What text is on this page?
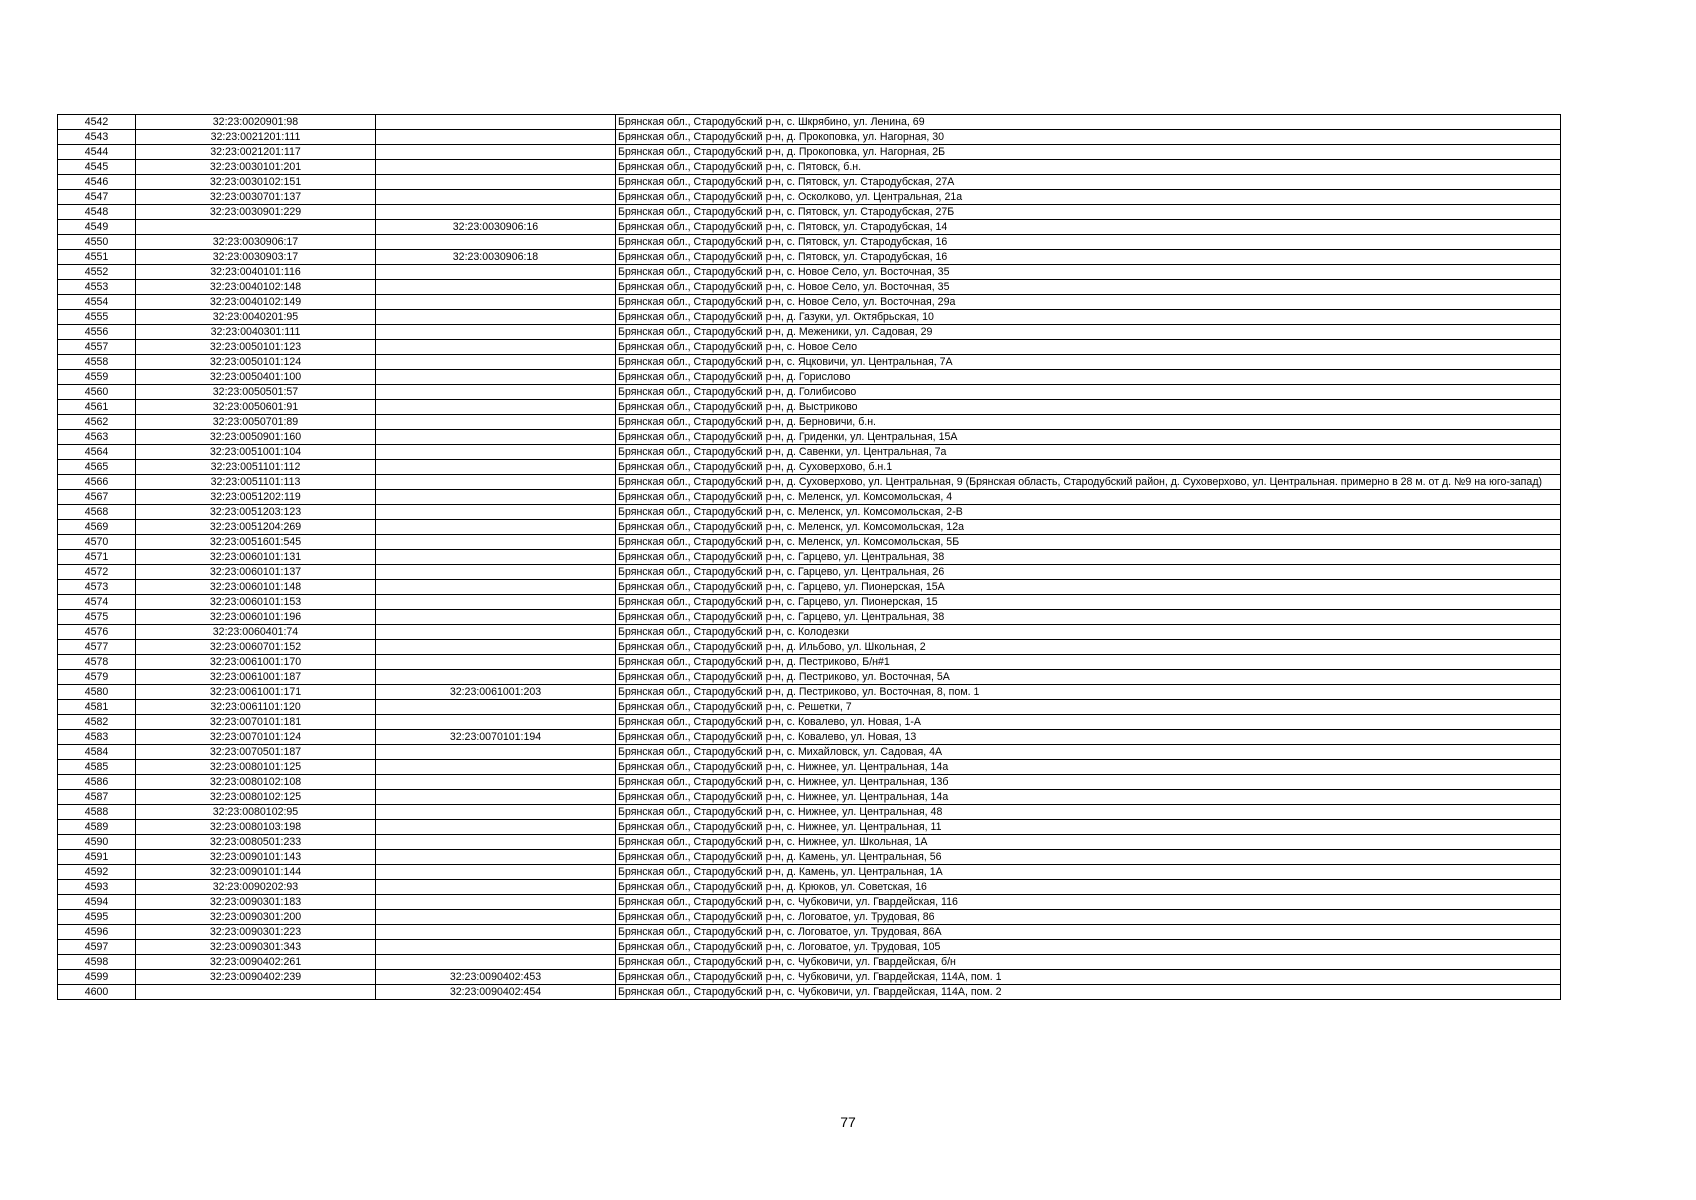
4542	32:23:0020901:98		Брянская обл., Стародубский р-н, с. Шкрябино, ул. Ленина, 69
4543	32:23:0021201:111		Брянская обл., Стародубский р-н, д. Прокоповка, ул. Нагорная, 30
4544	32:23:0021201:117		Брянская обл., Стародубский р-н, д. Прокоповка, ул. Нагорная, 2Б
4545	32:23:0030101:201		Брянская обл., Стародубский р-н, с. Пятовск, б.н.
4546	32:23:0030102:151		Брянская обл., Стародубский р-н, с. Пятовск, ул. Стародубская, 27А
4547	32:23:0030701:137		Брянская обл., Стародубский р-н, с. Осколково, ул. Центральная, 21а
4548	32:23:0030901:229		Брянская обл., Стародубский р-н, с. Пятовск, ул. Стародубская, 27Б
4549		32:23:0030906:16	Брянская обл., Стародубский р-н, с. Пятовск, ул. Стародубская, 14
4550	32:23:0030906:17		Брянская обл., Стародубский р-н, с. Пятовск, ул. Стародубская, 16
4551	32:23:0030903:17	32:23:0030906:18	Брянская обл., Стародубский р-н, с. Пятовск, ул. Стародубская, 16
4552	32:23:0040101:116		Брянская обл., Стародубский р-н, с. Новое Село, ул. Восточная, 35
4553	32:23:0040102:148		Брянская обл., Стародубский р-н, с. Новое Село, ул. Восточная, 35
4554	32:23:0040102:149		Брянская обл., Стародубский р-н, с. Новое Село, ул. Восточная, 29а
4555	32:23:0040201:95		Брянская обл., Стародубский р-н, д. Газуки, ул. Октябрьская, 10
4556	32:23:0040301:111		Брянская обл., Стародубский р-н, д. Меженики, ул. Садовая, 29
4557	32:23:0050101:123		Брянская обл., Стародубский р-н, с. Новое Село
4558	32:23:0050101:124		Брянская обл., Стародубский р-н, с. Яцковичи, ул. Центральная, 7А
4559	32:23:0050401:100		Брянская обл., Стародубский р-н, д. Горислово
4560	32:23:0050501:57		Брянская обл., Стародубский р-н, д. Голибисово
4561	32:23:0050601:91		Брянская обл., Стародубский р-н, д. Выстриково
4562	32:23:0050701:89		Брянская обл., Стародубский р-н, д. Берновичи, б.н.
4563	32:23:0050901:160		Брянская обл., Стародубский р-н, д. Гриденки, ул. Центральная, 15А
4564	32:23:0051001:104		Брянская обл., Стародубский р-н, д. Савенки, ул. Центральная, 7а
4565	32:23:0051101:112		Брянская обл., Стародубский р-н, д. Суховерхово, б.н.1
4566	32:23:0051101:113		Брянская обл., Стародубский р-н, д. Суховерхово, ул. Центральная, 9 (Брянская область, Стародубский район, д. Суховерхово, ул. Центральная. примерно в 28 м. от д. №9 на юго-запад)
4567	32:23:0051202:119		Брянская обл., Стародубский р-н, с. Меленск, ул. Комсомольская, 4
4568	32:23:0051203:123		Брянская обл., Стародубский р-н, с. Меленск, ул. Комсомольская, 2-В
4569	32:23:0051204:269		Брянская обл., Стародубский р-н, с. Меленск, ул. Комсомольская, 12а
4570	32:23:0051601:545		Брянская обл., Стародубский р-н, с. Меленск, ул. Комсомольская, 5Б
4571	32:23:0060101:131		Брянская обл., Стародубский р-н, с. Гарцево, ул. Центральная, 38
4572	32:23:0060101:137		Брянская обл., Стародубский р-н, с. Гарцево, ул. Центральная, 26
4573	32:23:0060101:148		Брянская обл., Стародубский р-н, с. Гарцево, ул. Пионерская, 15А
4574	32:23:0060101:153		Брянская обл., Стародубский р-н, с. Гарцево, ул. Пионерская, 15
4575	32:23:0060101:196		Брянская обл., Стародубский р-н, с. Гарцево, ул. Центральная, 38
4576	32:23:0060401:74		Брянская обл., Стародубский р-н, с. Колодезки
4577	32:23:0060701:152		Брянская обл., Стародубский р-н, д. Ильбово, ул. Школьная, 2
4578	32:23:0061001:170		Брянская обл., Стародубский р-н, д. Пестриково, Б/н#1
4579	32:23:0061001:187		Брянская обл., Стародубский р-н, д. Пестриково, ул. Восточная, 5А
4580	32:23:0061001:171	32:23:0061001:203	Брянская обл., Стародубский р-н, д. Пестриково, ул. Восточная, 8, пом. 1
4581	32:23:0061101:120		Брянская обл., Стародубский р-н, с. Решетки, 7
4582	32:23:0070101:181		Брянская обл., Стародубский р-н, с. Ковалево, ул. Новая, 1-А
4583	32:23:0070101:124	32:23:0070101:194	Брянская обл., Стародубский р-н, с. Ковалево, ул. Новая, 13
4584	32:23:0070501:187		Брянская обл., Стародубский р-н, с. Михайловск, ул. Садовая, 4А
4585	32:23:0080101:125		Брянская обл., Стародубский р-н, с. Нижнее, ул. Центральная, 14а
4586	32:23:0080102:108		Брянская обл., Стародубский р-н, с. Нижнее, ул. Центральная, 13б
4587	32:23:0080102:125		Брянская обл., Стародубский р-н, с. Нижнее, ул. Центральная, 14а
4588	32:23:0080102:95		Брянская обл., Стародубский р-н, с. Нижнее, ул. Центральная, 48
4589	32:23:0080103:198		Брянская обл., Стародубский р-н, с. Нижнее, ул. Центральная, 11
4590	32:23:0080501:233		Брянская обл., Стародубский р-н, с. Нижнее, ул. Школьная, 1А
4591	32:23:0090101:143		Брянская обл., Стародубский р-н, д. Камень, ул. Центральная, 56
4592	32:23:0090101:144		Брянская обл., Стародубский р-н, д. Камень, ул. Центральная, 1А
4593	32:23:0090202:93		Брянская обл., Стародубский р-н, д. Крюков, ул. Советская, 16
4594	32:23:0090301:183		Брянская обл., Стародубский р-н, с. Чубковичи, ул. Гвардейская, 116
4595	32:23:0090301:200		Брянская обл., Стародубский р-н, с. Логоватое, ул. Трудовая, 86
4596	32:23:0090301:223		Брянская обл., Стародубский р-н, с. Логоватое, ул. Трудовая, 86А
4597	32:23:0090301:343		Брянская обл., Стародубский р-н, с. Логоватое, ул. Трудовая, 105
4598	32:23:0090402:261		Брянская обл., Стародубский р-н, с. Чубковичи, ул. Гвардейская, б/н
4599	32:23:0090402:239	32:23:0090402:453	Брянская обл., Стародубский р-н, с. Чубковичи, ул. Гвардейская, 114А, пом. 1
4600		32:23:0090402:454	Брянская обл., Стародубский р-н, с. Чубковичи, ул. Гвардейская, 114А, пом. 2
77
